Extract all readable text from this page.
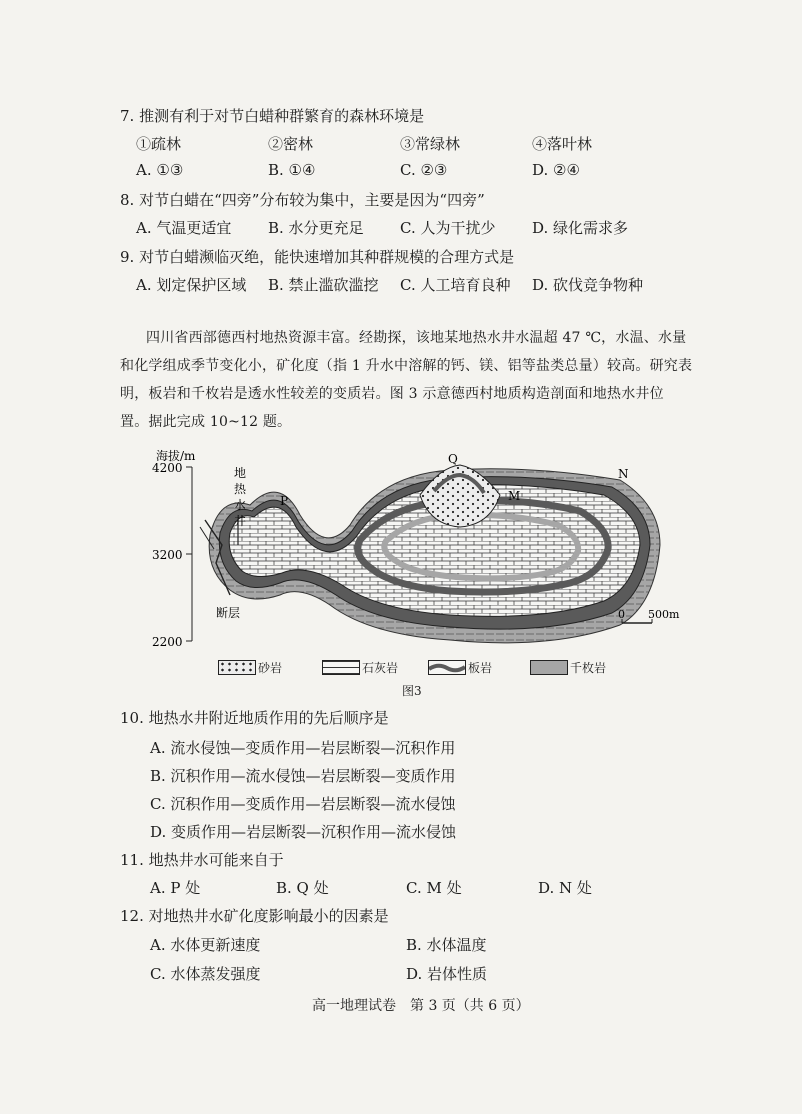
7. 推测有利于对节白蜡种群繁育的森林环境是
①疏林	②密林	③常绿林	④落叶林
A. ①③	B. ①④	C. ②③	D. ②④
8. 对节白蜡在“四旁”分布较为集中，主要是因为“四旁”
A. 气温更适宜 B. 水分更充足 C. 人为干扰少 D. 绿化需求多
9. 对节白蜡濒临灭绝，能快速增加其种群规模的合理方式是
A. 划定保护区域 B. 禁止滥砍滥挖 C. 人工培育良种 D. 砍伐竞争物种
四川省西部德西村地热资源丰富。经勘探，该地某地热水井水温超 47 ℃，水温、水量
和化学组成季节变化小，矿化度（指 1 升水中溶解的钙、镁、铝等盐类总量）较高。研究表
明，板岩和千枚岩是透水性较差的变质岩。图 3 示意德西村地质构造剖面和地热水井位
置。据此完成 10~12 题。
海拔/m
4200
3200
2200
地
热
水
井
断层
P
Q
M
N
0 500m
砂岩	石灰岩	板岩	千枚岩
图3
10. 地热水井附近地质作用的先后顺序是
A. 流水侵蚀—变质作用—岩层断裂—沉积作用
B. 沉积作用—流水侵蚀—岩层断裂—变质作用
C. 沉积作用—变质作用—岩层断裂—流水侵蚀
D. 变质作用—岩层断裂—沉积作用—流水侵蚀
11. 地热井水可能来自于
A. P 处	B. Q 处	C. M 处	D. N 处
12. 对地热井水矿化度影响最小的因素是
A. 水体更新速度	B. 水体温度
C. 水体蒸发强度	D. 岩体性质
高一地理试卷　第 3 页（共 6 页）
